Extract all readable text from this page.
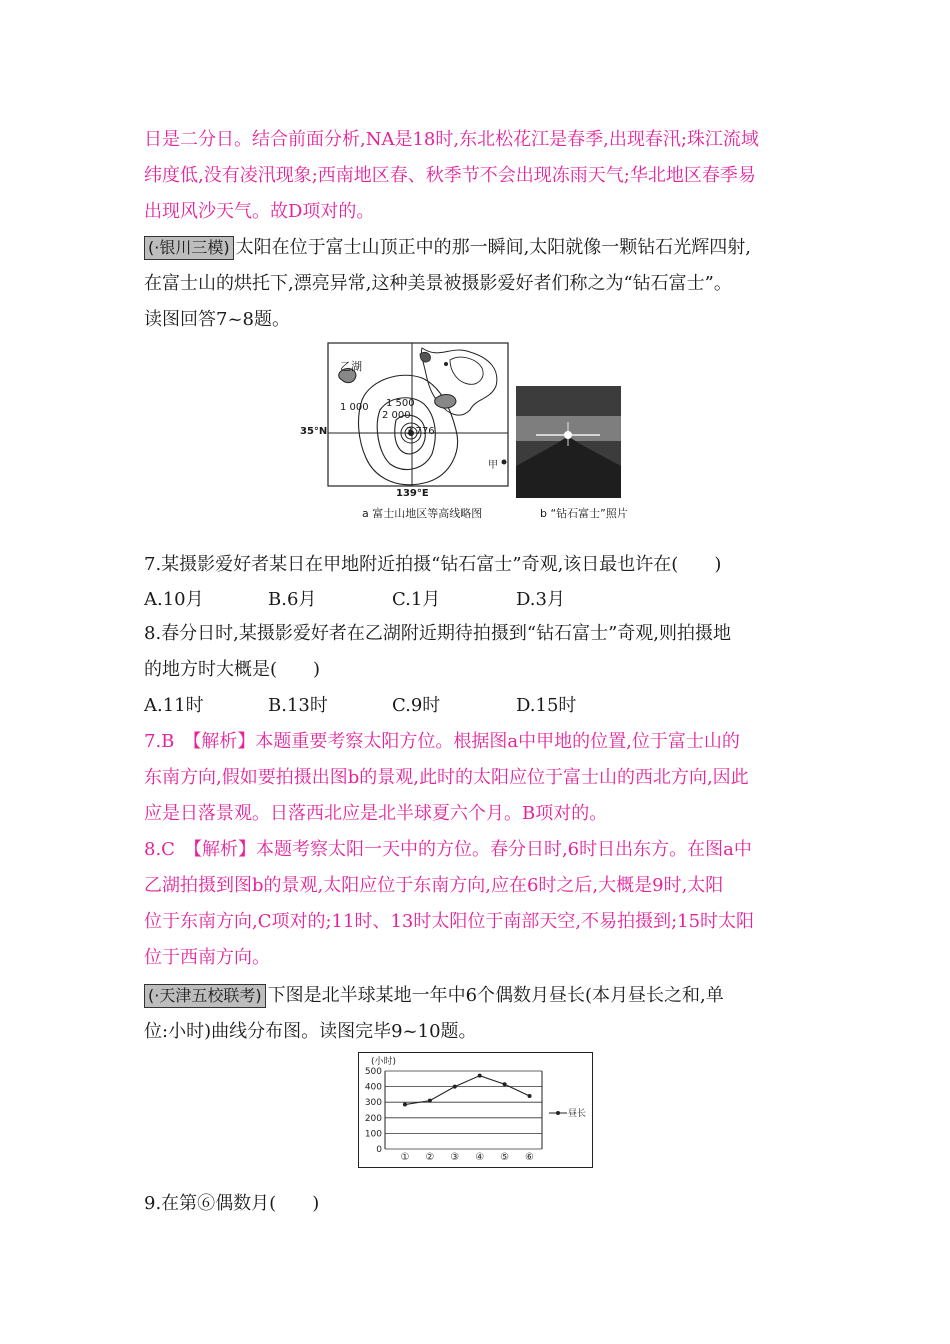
日是二分日。结合前面分析,NA是18时,东北松花江是春季,出现春汛;珠江流域
纬度低,没有凌汛现象;西南地区春、秋季节不会出现冻雨天气;华北地区春季易
出现风沙天气。故D项对的。
(·银川三模) 太阳在位于富士山顶正中的那一瞬间,太阳就像一颗钻石光辉四射,
在富士山的烘托下,漂亮异常,这种美景被摄影爱好者们称之为“钻石富士”。
读图回答7~8题。
乙湖
1 000 1 500
2 000
3 776
35°N
139°E
甲
a 富士山地区等高线略图	b “钻石富士”照片
7.某摄影爱好者某日在甲地附近拍摄“钻石富士”奇观,该日最也许在(　　)
A.10月	B.6月	C.1月	D.3月
8.春分日时,某摄影爱好者在乙湖附近期待拍摄到“钻石富士”奇观,则拍摄地
的地方时大概是(　　)
A.11时	B.13时	C.9时	D.15时
7.B　【解析】本题重要考察太阳方位。根据图a中甲地的位置,位于富士山的
东南方向,假如要拍摄出图b的景观,此时的太阳应位于富士山的西北方向,因此
应是日落景观。日落西北应是北半球夏六个月。B项对的。
8.C　【解析】本题考察太阳一天中的方位。春分日时,6时日出东方。在图a中
乙湖拍摄到图b的景观,太阳应位于东南方向,应在6时之后,大概是9时,太阳
位于东南方向,C项对的;11时、13时太阳位于南部天空,不易拍摄到;15时太阳
位于西南方向。
(·天津五校联考) 下图是北半球某地一年中6个偶数月昼长(本月昼长之和,单
位:小时)曲线分布图。读图完毕9~10题。
(小时)
500
400
300
200
100
0
① ② ③ ④ ⑤ ⑥
昼长
9.在第⑥偶数月(　　)
